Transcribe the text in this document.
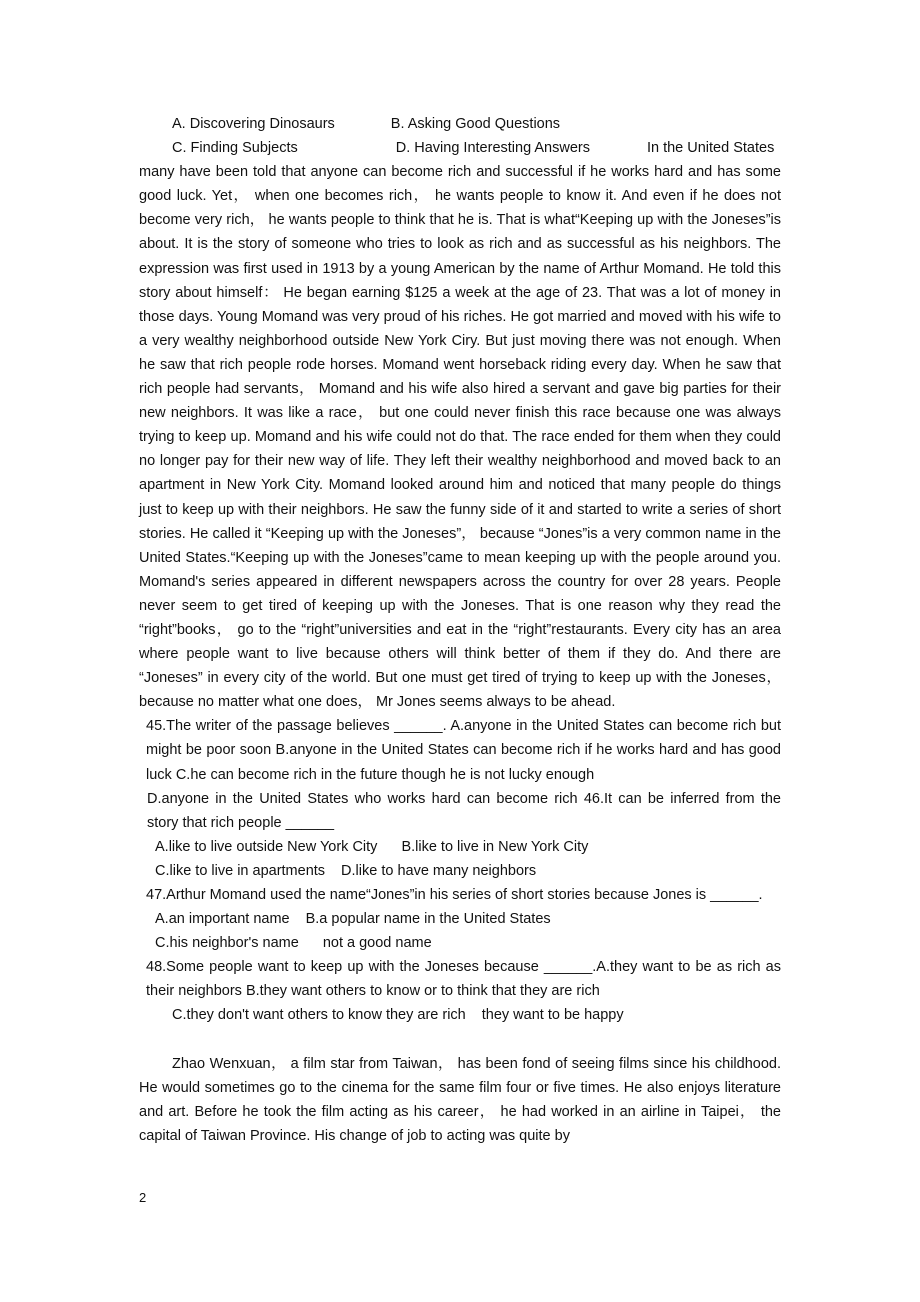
A. Discovering Dinosaurs	B. Asking Good Questions
C. Finding Subjects	D. Having Interesting Answers	In the United States
many have been told that anyone can become rich and successful if he works hard and has some good luck. Yet， when one becomes rich， he wants people to know it. And even if he does not become very rich， he wants people to think that he is. That is what“Keeping up with the Joneses”is about. It is the story of someone who tries to look as rich and as successful as his neighbors. The expression was first used in 1913 by a young American by the name of Arthur Momand. He told this story about himself： He began earning $125 a week at the age of 23. That was a lot of money in those days. Young Momand was very proud of his riches. He got married and moved with his wife to a very wealthy neighborhood outside New York Ciry. But just moving there was not enough. When he saw that rich people rode horses. Momand went horseback riding every day. When he saw that rich people had servants， Momand and his wife also hired a servant and gave big parties for their new neighbors. It was like a race， but one could never finish this race because one was always trying to keep up. Momand and his wife could not do that. The race ended for them when they could no longer pay for their new way of life. They left their wealthy neighborhood and moved back to an apartment in New York City. Momand looked around him and noticed that many people do things just to keep up with their neighbors. He saw the funny side of it and started to write a series of short stories. He called it “Keeping up with the Joneses”， because “Jones”is a very common name in the United States.“Keeping up with the Joneses”came to mean keeping up with the people around you. Momand's series appeared in different newspapers across the country for over 28 years. People never seem to get tired of keeping up with the Joneses. That is one reason why they read the “right”books， go to the “right”universities and eat in the “right”restaurants. Every city has an area where people want to live because others will think better of them if they do. And there are “Joneses” in every city of the world. But one must get tired of trying to keep up with the Joneses， because no matter what one does， Mr Jones seems always to be ahead.
45.The writer of the passage believes ______. A.anyone in the United States can become rich but might be poor soon B.anyone in the United States can become rich if he works hard and has good luck C.he can become rich in the future though he is not lucky enough
D.anyone in the United States who works hard can become rich 46.It can be inferred from the story that rich people ______
A.like to live outside New York City B.like to live in New York City
C.like to live in apartments D.like to have many neighbors
47.Arthur Momand used the name“Jones”in his series of short stories because Jones is ______.
A.an important name B.a popular name in the United States
C.his neighbor's name not a good name
48.Some people want to keep up with the Joneses because ______.A.they want to be as rich as their neighbors B.they want others to know or to think that they are rich
C.they don't want others to know they are rich they want to be happy
Zhao Wenxuan， a film star from Taiwan， has been fond of seeing films since his childhood. He would sometimes go to the cinema for the same film four or five times. He also enjoys literature and art. Before he took the film acting as his career， he had worked in an airline in Taipei， the capital of Taiwan Province. His change of job to acting was quite by
2
